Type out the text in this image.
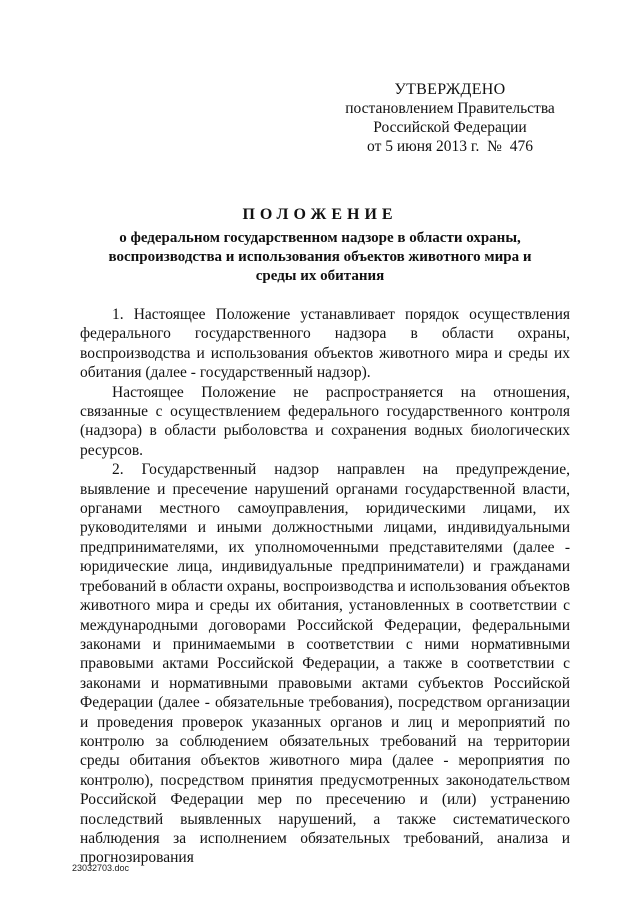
УТВЕРЖДЕНО
постановлением Правительства
Российской Федерации
от 5 июня 2013 г.  №  476
ПОЛОЖЕНИЕ
о федеральном государственном надзоре в области охраны,
воспроизводства и использования объектов животного мира и
среды их обитания

1. Настоящее Положение устанавливает порядок осуществления федерального государственного надзора в области охраны, воспроизводства и использования объектов животного мира и среды их обитания (далее - государственный надзор).

Настоящее Положение не распространяется на отношения, связанные с осуществлением федерального государственного контроля (надзора) в области рыболовства и сохранения водных биологических ресурсов.

2. Государственный надзор направлен на предупреждение, выявление и пресечение нарушений органами государственной власти, органами местного самоуправления, юридическими лицами, их руководителями и иными должностными лицами, индивидуальными предпринимателями, их уполномоченными представителями (далее - юридические лица, индивидуальные предприниматели) и гражданами требований в области охраны, воспроизводства и использования объектов животного мира и среды их обитания, установленных в соответствии с международными договорами Российской Федерации, федеральными законами и принимаемыми в соответствии с ними нормативными правовыми актами Российской Федерации, а также в соответствии с законами и нормативными правовыми актами субъектов Российской Федерации (далее - обязательные требования), посредством организации и проведения проверок указанных органов и лиц и мероприятий по контролю за соблюдением обязательных требований на территории среды обитания объектов животного мира (далее - мероприятия по контролю), посредством принятия предусмотренных законодательством Российской Федерации мер по пресечению и (или) устранению последствий выявленных нарушений, а также систематического наблюдения за исполнением обязательных требований, анализа и прогнозирования

23032703.doc
